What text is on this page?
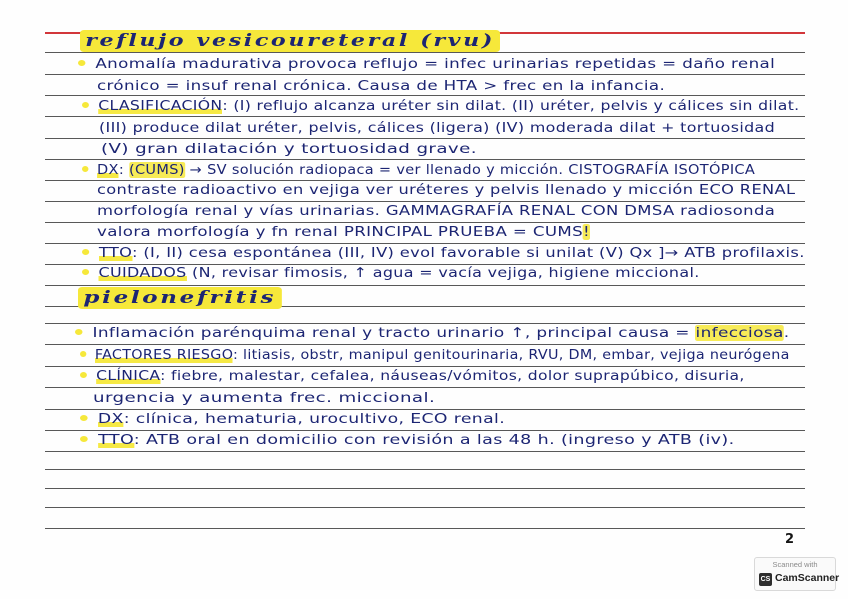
reflujo vesicoureteral (rvu)
Anomalía madurativa provoca reflujo = infec urinarias repetidas = daño renal
crónico = insuf renal crónica. Causa de HTA > frec en la infancia.
CLASIFICACIÓN: (I) reflujo alcanza uréter sin dilat. (II) uréter, pelvis y cálices sin dilat.
(III) produce dilat uréter, pelvis, cálices (ligera) (IV) moderada dilat + tortuosidad
(V) gran dilatación y tortuosidad grave.
DX: (CUMS) → SV solución radiopaca = ver llenado y micción. CISTOGRAFÍA ISOTÓPICA
contraste radioactivo en vejiga ver uréteres y pelvis llenado y micción ECO RENAL
morfología renal y vías urinarias. GAMMAGRAFÍA RENAL CON DMSA radiosonda
valora morfología y fn renal PRINCIPAL PRUEBA = CUMS!
TTO: (I, II) cesa espontánea (III, IV) evol favorable si unilat (V) Qx ]→ ATB profilaxis.
CUIDADOS (N, revisar fimosis, ↑ agua = vacía vejiga, higiene miccional.
pielonefritis
Inflamación parénquima renal y tracto urinario ↑, principal causa = infecciosa.
FACTORES RIESGO: litiasis, obstr, manipul genitourinaria, RVU, DM, embar, vejiga neurógena
CLÍNICA: fiebre, malestar, cefalea, náuseas/vómitos, dolor suprapúbico, disuria,
urgencia y aumenta frec. miccional.
DX: clínica, hematuria, urocultivo, ECO renal.
TTO: ATB oral en domicilio con revisión a las 48 h. (ingreso y ATB (iv).
2
Scanned with
CS CamScanner
